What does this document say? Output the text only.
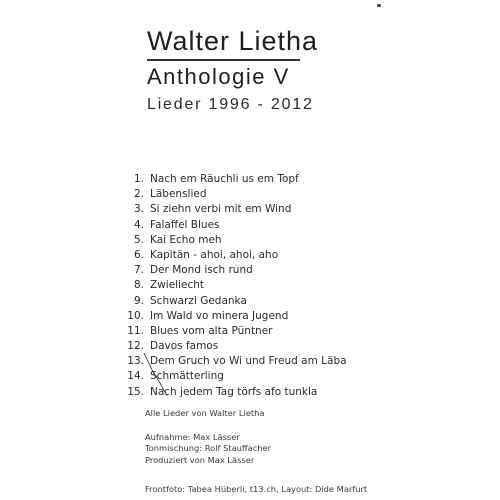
Walter Lietha
Anthologie V
Lieder 1996 - 2012
1. Nach em Räuchli us em Topf
2. Läbenslied
3. Si ziehn verbi mit em Wind
4. Falaffel Blues
5. Kai Echo meh
6. Kapitän - ahoi, ahoi, aho
7. Der Mond isch rund
8. Zwieliecht
9. Schwarzi Gedanka
10. Im Wald vo minera Jugend
11. Blues vom alta Püntner
12. Davos famos
13. Dem Gruch vo Wi und Freud am Läba
14. Schmätterling
15. Nach jedem Tag törfs afo tunkla
Alle Lieder von Walter Lietha
Aufnahme: Max Lässer
Tonmischung: Rolf Stauffacher
Produziert von Max Lässer
Frontfoto: Tabea Hüberli, t13.ch, Layout: Dide Marfurt
